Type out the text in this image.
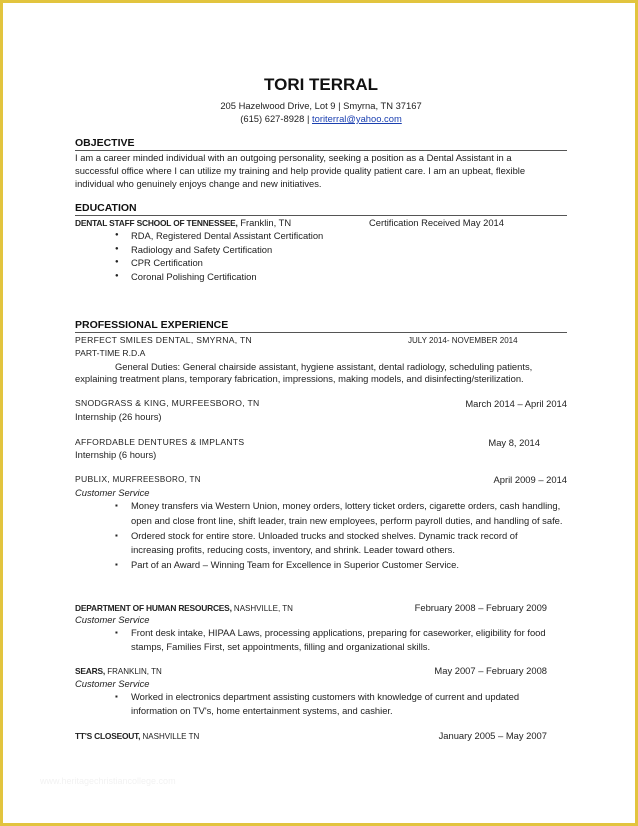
www.heritagechristiancollege.com
TORI TERRAL
205 Hazelwood Drive, Lot 9 | Smyrna, TN 37167
(615) 627-8928 | toriterral@yahoo.com
OBJECTIVE
I am a career minded individual with an outgoing personality, seeking a position as a Dental Assistant in a
successful office where I can utilize my training and help provide quality patient care. I am an upbeat, flexible
individual who genuinely enjoys change and new initiatives.
EDUCATION
DENTAL STAFF SCHOOL OF TENNESSEE, Franklin, TN	Certification Received May 2014
● RDA, Registered Dental Assistant Certification
● Radiology and Safety Certification
● CPR Certification
● Coronal Polishing Certification
PROFESSIONAL EXPERIENCE
PERFECT SMILES DENTAL, SMYRNA, TN	JULY 2014- NOVEMBER 2014
PART-TIME R.D.A
General Duties: General chairside assistant, hygiene assistant, dental radiology, scheduling patients,
explaining treatment plans, temporary fabrication, impressions, making models, and disinfecting/sterilization.
SNODGRASS & KING, MURFEESBORO, TN	March 2014 – April 2014
Internship (26 hours)
AFFORDABLE DENTURES & IMPLANTS	May 8, 2014
Internship (6 hours)
PUBLIX, MURFREESBORO, TN	April 2009 – 2014
Customer Service
▪ Money transfers via Western Union, money orders, lottery ticket orders, cigarette orders, cash handling, open and close front line, shift leader, train new employees, perform payroll duties, and handling of safe.
▪ Ordered stock for entire store. Unloaded trucks and stocked shelves. Dynamic track record of increasing profits, reducing costs, inventory, and shrink. Leader toward others.
▪ Part of an Award – Winning Team for Excellence in Superior Customer Service.
DEPARTMENT OF HUMAN RESOURCES, NASHVILLE, TN	February 2008 – February 2009
Customer Service
▪ Front desk intake, HIPAA Laws, processing applications, preparing for caseworker, eligibility for food stamps, Families First, set appointments, filling and organizational skills.
SEARS, FRANKLIN, TN	May 2007 – February 2008
Customer Service
▪ Worked in electronics department assisting customers with knowledge of current and updated information on TV's, home entertainment systems, and cashier.
TT'S CLOSEOUT, NASHVILLE TN	January 2005 – May 2007
